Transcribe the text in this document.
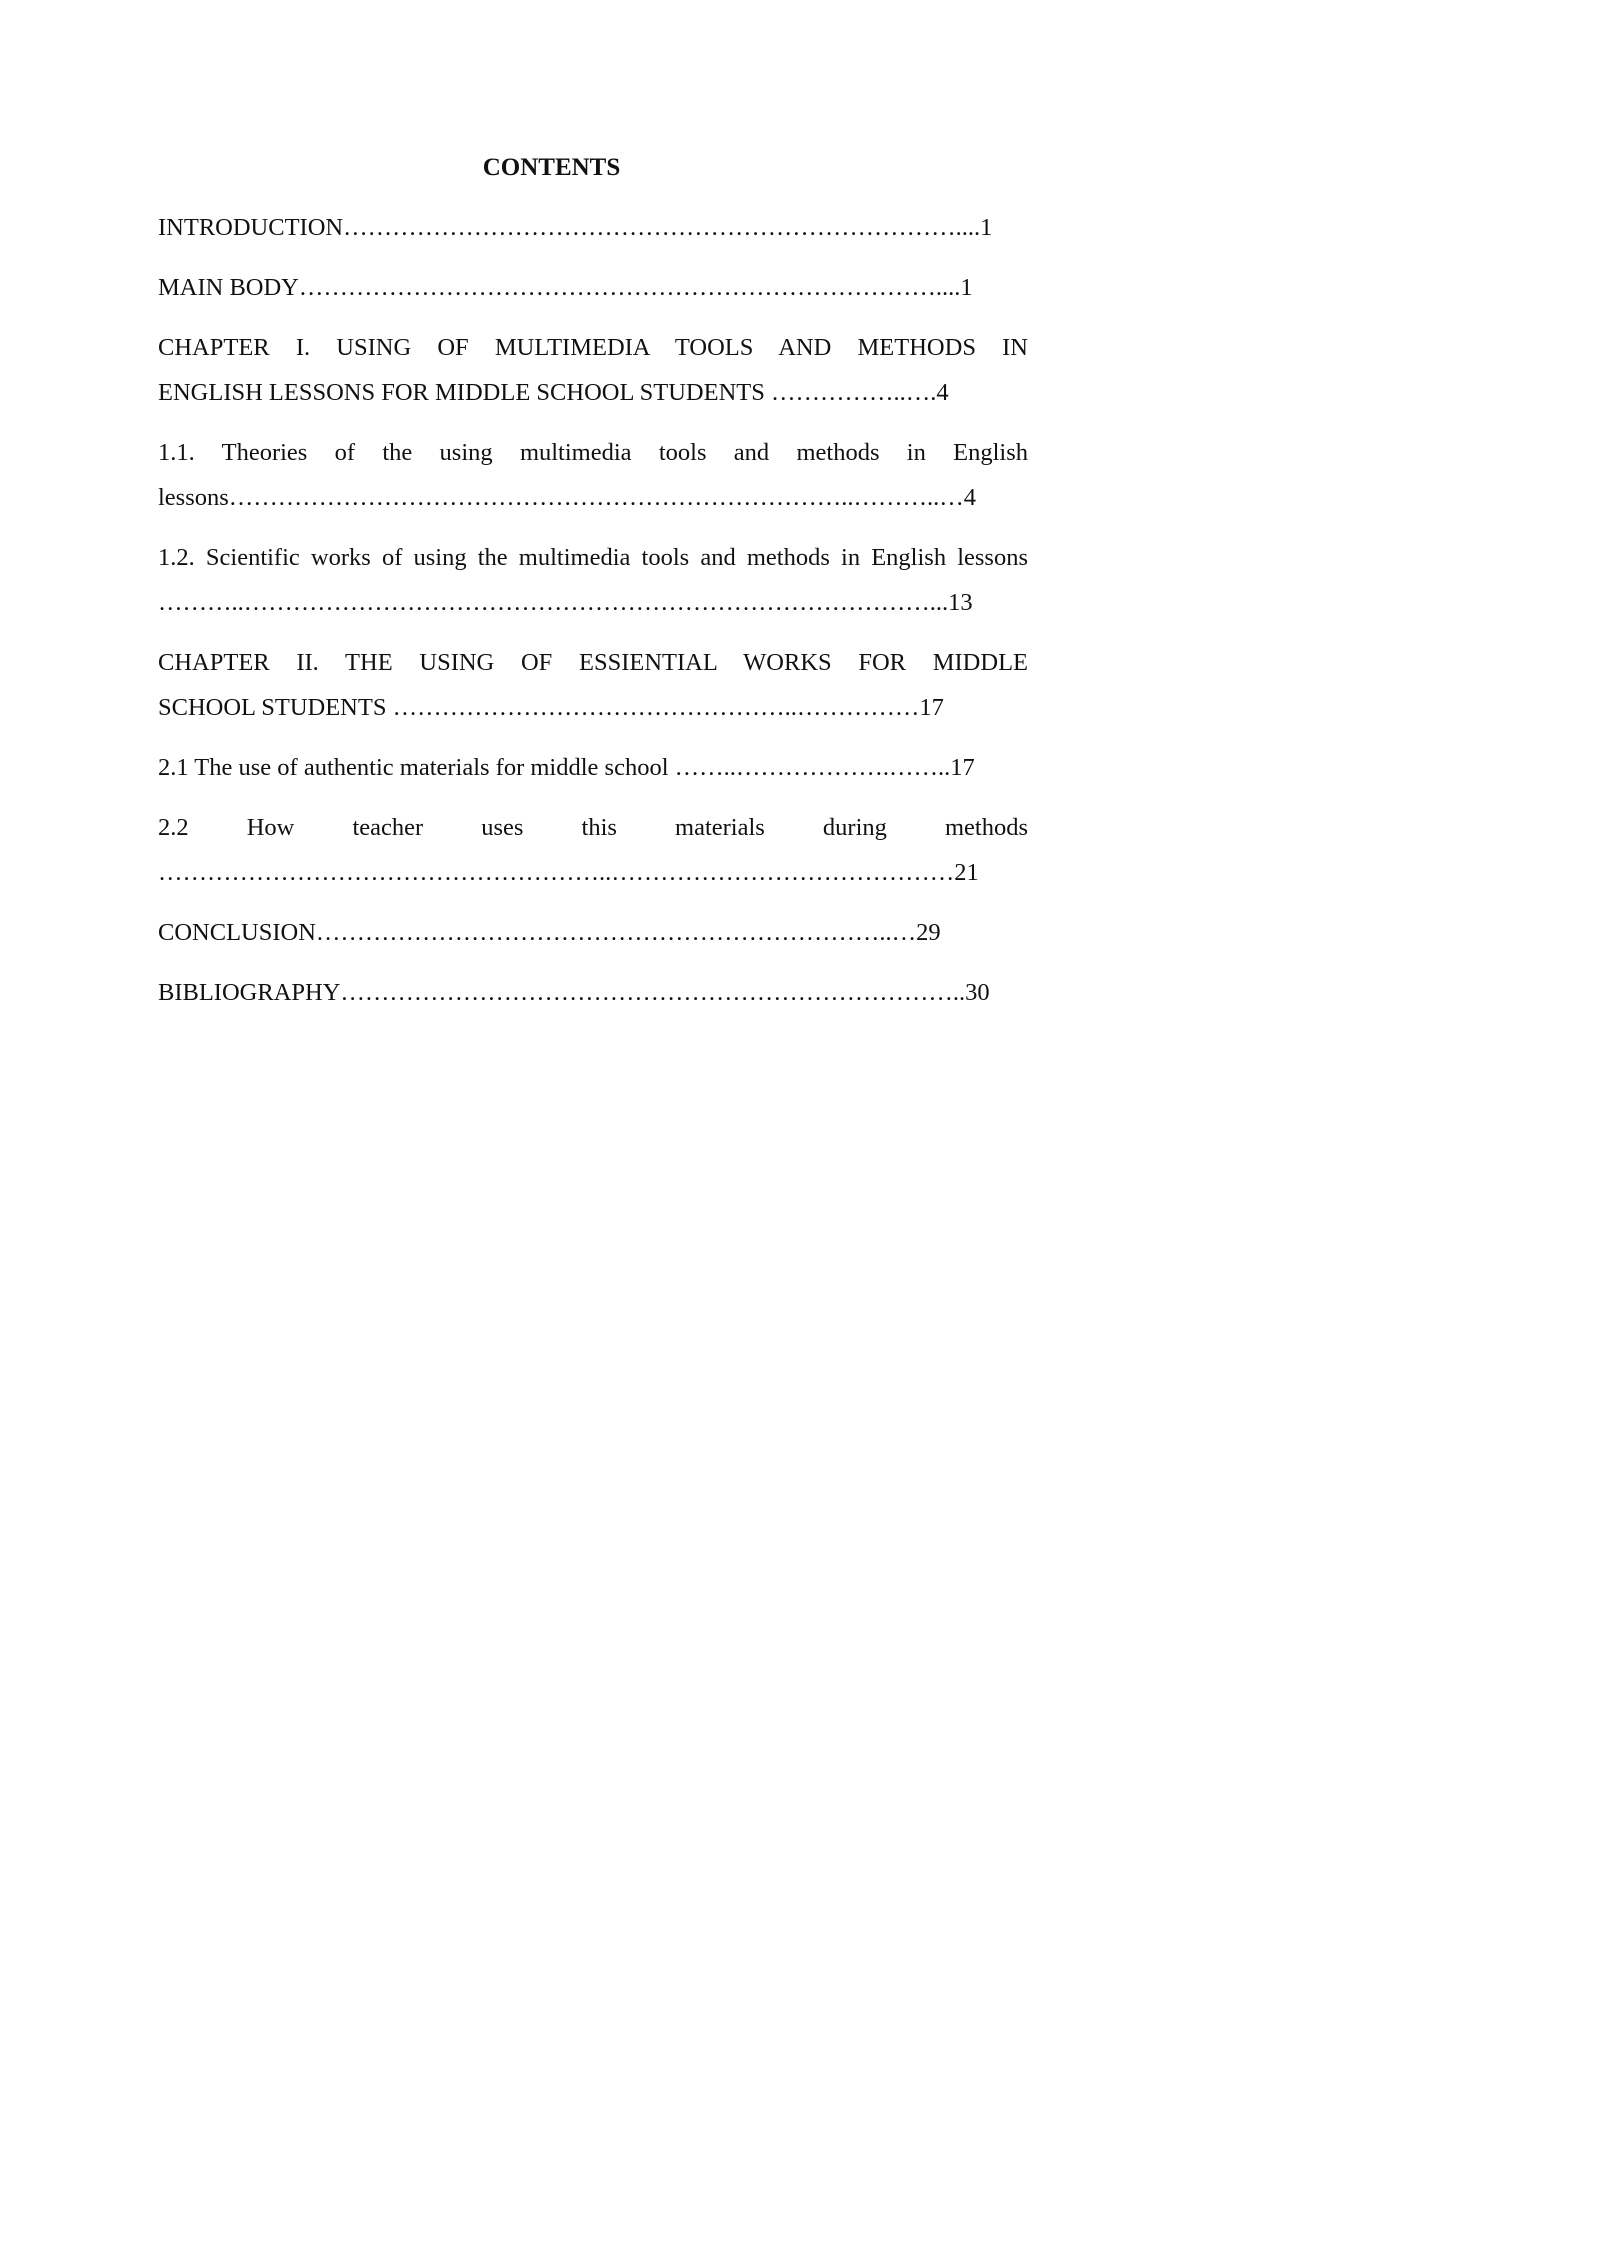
CONTENTS
INTRODUCTION…………………………………………………………………....1
MAIN BODY……………………………………………………………………....1
CHAPTER I. USING OF MULTIMEDIA TOOLS AND METHODS IN
ENGLISH LESSONS FOR MIDDLE SCHOOL STUDENTS ……………..….4
1.1. Theories of the using multimedia tools and methods in English
lessons…………………………………………………………………..………..…4
1.2. Scientific works of using the multimedia tools and methods in English lessons
………..…………………………………………………………………………...13
CHAPTER II. THE USING OF ESSIENTIAL WORKS FOR MIDDLE
SCHOOL STUDENTS …………………………………………..……………17
2.1 The use of authentic materials for middle school ……..……………….……..17
2.2 How teacher uses this materials during methods
………………………………………………..……………………………………21
CONCLUSION……………………………………………………………..…29
BIBLIOGRAPHY…………………………………………………………………..30
